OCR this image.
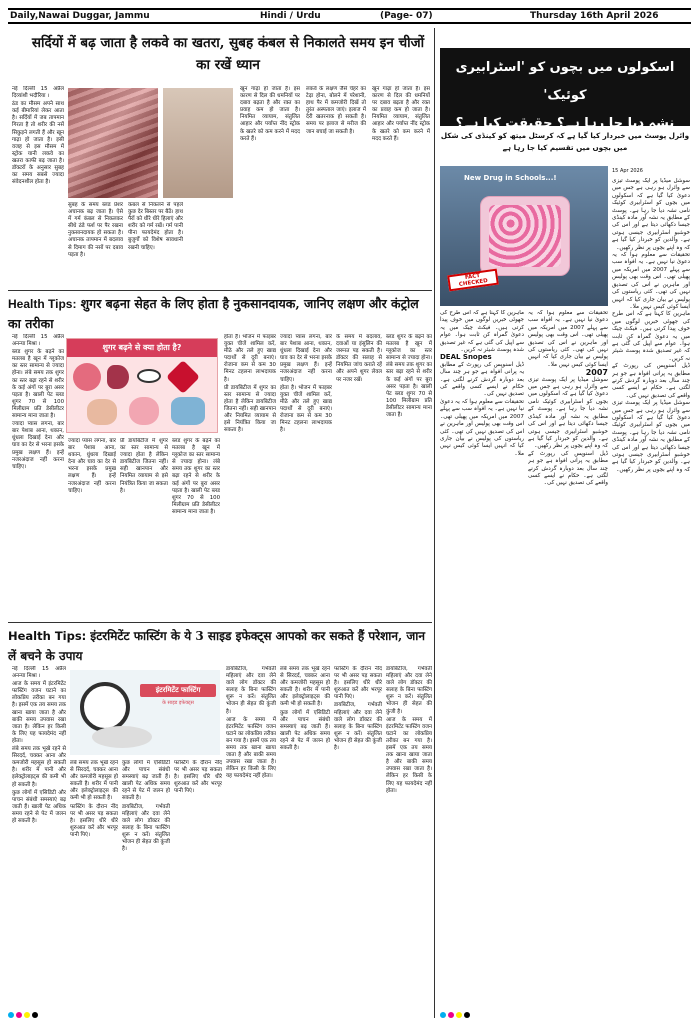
Daily,Nawai Duggar, Jammu	Hindi / Urdu	(Page- 07)	Thursday 16th April 2026
सर्दियों में बढ़ जाता है लकवे का खतरा, सुबह कंबल से निकालते समय इन चीजों का रखें ध्यान

नई दिल्ली 15 अप्रैल दिव्यांशी भदौरिया ।

ठंड का मौसम अपने साथ कई बीमारियां लेकर आता है। सर्दियों में जब तापमान गिरता है तो शरीर की नसें सिकुड़ने लगती हैं और खून गाढ़ा हो जाता है। इसी वजह से इस मौसम में स्ट्रोक यानी लकवे का खतरा काफी बढ़ जाता है। डॉक्टरों के अनुसार सुबह का समय सबसे ज्यादा संवेदनशील होता है।

सुबह के समय ब्लड प्रेशर अचानक बढ़ जाता है। ऐसे में गर्म कंबल से निकलकर सीधे ठंडे फर्श पर पैर रखना नुकसानदायक हो सकता है। अचानक तापमान में बदलाव से दिमाग की नसों पर दबाव पड़ता है।

कंबल से निकलने से पहले कुछ देर बिस्तर पर बैठें। हाथ पैरों को धीरे धीरे हिलाएं और शरीर को गर्म रखें। गर्म पानी पीना फायदेमंद होता है। बुजुर्गों को विशेष सावधानी रखनी चाहिए।

खून गाढ़ा हो जाता है। इस कारण से दिल की धमनियों पर दबाव बढ़ता है और रक्त का प्रवाह कम हो जाता है। नियमित व्यायाम, संतुलित आहार और पर्याप्त नींद स्ट्रोक के खतरे को कम करने में मदद करते हैं।

लकवे के लक्षण जैसे चेहरे का टेढ़ा होना, बोलने में परेशानी, हाथ पैर में कमजोरी दिखें तो तुरंत अस्पताल जाएं। इलाज में देरी खतरनाक हो सकती है। समय पर इलाज से मरीज की जान बचाई जा सकती है।

खून गाढ़ा हो जाता है। इस कारण से दिल की धमनियों पर दबाव बढ़ता है और रक्त का प्रवाह कम हो जाता है। नियमित व्यायाम, संतुलित आहार और पर्याप्त नींद स्ट्रोक के खतरे को कम करने में मदद करते हैं।

Health Tips: शुगर बढ़ना सेहत के लिए होता है नुकसानदायक, जानिए लक्षण और कंट्रोल का तरीका
शुगर बढ़ने से क्या होता है?

नई दिल्ली 15 अप्रैल अनन्या मिश्रा ।

ब्लड शुगर के बढ़ने का मतलब है खून में ग्लूकोज का स्तर सामान्य से ज्यादा होना। लंबे समय तक शुगर का स्तर बढ़ा रहने से शरीर के कई अंगों पर बुरा असर पड़ता है। खाली पेट ब्लड शुगर 70 से 100 मिलीग्राम प्रति डेसीलीटर सामान्य माना जाता है।

ज्यादा प्यास लगना, बार बार पेशाब आना, थकान, धुंधला दिखाई देना और घाव का देर से भरना इसके प्रमुख लक्षण हैं। इन्हें नजरअंदाज नहीं करना चाहिए।

ज्यादा प्यास लगना, बार बार पेशाब आना, थकान, धुंधला दिखाई देना और घाव का देर से भरना इसके प्रमुख लक्षण हैं। इन्हें नजरअंदाज नहीं करना चाहिए।

प्री डायबिटीज में शुगर का स्तर सामान्य से ज्यादा होता है लेकिन डायबिटीज जितना नहीं। सही खानपान और नियमित व्यायाम से इसे नियंत्रित किया जा सकता है।

ब्लड शुगर के बढ़ने का मतलब है खून में ग्लूकोज का स्तर सामान्य से ज्यादा होना। लंबे समय तक शुगर का स्तर बढ़ा रहने से शरीर के कई अंगों पर बुरा असर पड़ता है। खाली पेट ब्लड शुगर 70 से 100 मिलीग्राम प्रति डेसीलीटर सामान्य माना जाता है।

होता है। भोजन में फाइबर युक्त चीजें शामिल करें, मीठे और तले हुए खाद्य पदार्थों से दूरी बनाएं। रोजाना कम से कम 30 मिनट टहलना लाभदायक है।

प्री डायबिटीज में शुगर का स्तर सामान्य से ज्यादा होता है लेकिन डायबिटीज जितना नहीं। सही खानपान और नियमित व्यायाम से इसे नियंत्रित किया जा सकता है।

ज्यादा प्यास लगना, बार बार पेशाब आना, थकान, धुंधला दिखाई देना और घाव का देर से भरना इसके प्रमुख लक्षण हैं। इन्हें नजरअंदाज नहीं करना चाहिए।

होता है। भोजन में फाइबर युक्त चीजें शामिल करें, मीठे और तले हुए खाद्य पदार्थों से दूरी बनाएं। रोजाना कम से कम 30 मिनट टहलना लाभदायक है।

के समय में बदलाव, दवाओं या इंसुलिन की जरूरत पड़ सकती है। डॉक्टर की सलाह से नियमित जांच कराते रहें और अपने शुगर लेवल पर नजर रखें।

ब्लड शुगर के बढ़ने का मतलब है खून में ग्लूकोज का स्तर सामान्य से ज्यादा होना। लंबे समय तक शुगर का स्तर बढ़ा रहने से शरीर के कई अंगों पर बुरा असर पड़ता है। खाली पेट ब्लड शुगर 70 से 100 मिलीग्राम प्रति डेसीलीटर सामान्य माना जाता है।

Health Tips: इंटरमिटेंट फास्टिंग के ये 3 साइड इफेक्ट्स आपको कर सकते हैं परेशान, जान लें बचने के उपाय
इंटरमिटेंट फास्टिंग
के साइड इफेक्ट्स

नई दिल्ली 15 अप्रैल अनन्या मिश्रा ।

आज के समय में इंटरमिटेंट फास्टिंग वजन घटाने का लोकप्रिय तरीका बन गया है। इसमें एक तय समय तक खाना खाया जाता है और बाकी समय उपवास रखा जाता है। लेकिन हर किसी के लिए यह फायदेमंद नहीं होता।

लंबे समय तक भूखे रहने से सिरदर्द, चक्कर आना और कमजोरी महसूस हो सकती है। शरीर में पानी और इलेक्ट्रोलाइट्स की कमी भी हो सकती है।

कुछ लोगों में एसिडिटी और पाचन संबंधी समस्याएं बढ़ जाती हैं। खाली पेट अधिक समय रहने से पेट में जलन हो सकती है।

लंबे समय तक भूखे रहने से सिरदर्द, चक्कर आना और कमजोरी महसूस हो सकती है। शरीर में पानी और इलेक्ट्रोलाइट्स की कमी भी हो सकती है।

फास्टिंग के दौरान नींद पर भी असर पड़ सकता है। इसलिए धीरे धीरे शुरुआत करें और भरपूर पानी पिएं।

कुछ लोगों में एसिडिटी और पाचन संबंधी समस्याएं बढ़ जाती हैं। खाली पेट अधिक समय रहने से पेट में जलन हो सकती है।

डायबिटीज, गर्भवती महिलाएं और दवा लेने वाले लोग डॉक्टर की सलाह के बिना फास्टिंग शुरू न करें। संतुलित भोजन ही सेहत की कुंजी है।

फास्टिंग के दौरान नींद पर भी असर पड़ सकता है। इसलिए धीरे धीरे शुरुआत करें और भरपूर पानी पिएं।

डायबिटीज, गर्भवती महिलाएं और दवा लेने वाले लोग डॉक्टर की सलाह के बिना फास्टिंग शुरू न करें। संतुलित भोजन ही सेहत की कुंजी है।

आज के समय में इंटरमिटेंट फास्टिंग वजन घटाने का लोकप्रिय तरीका बन गया है। इसमें एक तय समय तक खाना खाया जाता है और बाकी समय उपवास रखा जाता है। लेकिन हर किसी के लिए यह फायदेमंद नहीं होता।

लंबे समय तक भूखे रहने से सिरदर्द, चक्कर आना और कमजोरी महसूस हो सकती है। शरीर में पानी और इलेक्ट्रोलाइट्स की कमी भी हो सकती है।

कुछ लोगों में एसिडिटी और पाचन संबंधी समस्याएं बढ़ जाती हैं। खाली पेट अधिक समय रहने से पेट में जलन हो सकती है।

फास्टिंग के दौरान नींद पर भी असर पड़ सकता है। इसलिए धीरे धीरे शुरुआत करें और भरपूर पानी पिएं।

डायबिटीज, गर्भवती महिलाएं और दवा लेने वाले लोग डॉक्टर की सलाह के बिना फास्टिंग शुरू न करें। संतुलित भोजन ही सेहत की कुंजी है।

डायबिटीज, गर्भवती महिलाएं और दवा लेने वाले लोग डॉक्टर की सलाह के बिना फास्टिंग शुरू न करें। संतुलित भोजन ही सेहत की कुंजी है।

आज के समय में इंटरमिटेंट फास्टिंग वजन घटाने का लोकप्रिय तरीका बन गया है। इसमें एक तय समय तक खाना खाया जाता है और बाकी समय उपवास रखा जाता है। लेकिन हर किसी के लिए यह फायदेमंद नहीं होता।

اسکولوں میں بچوں کو 'اسٹرابیری کوئیک'
نشہ دیا جا رہا ہے؟ حقیقت کیا ہے؟
وائرل پوسٹ میں خبردار کیا گیا ہے کہ کرسٹل میتھ کو کینڈی کی شکل میں بچوں میں تقسیم کیا جا رہا ہے
New Drug in Schools...!
FACT CHECKED
15 Apr 2026

سوشل میڈیا پر ایک پوسٹ تیزی سے وائرل ہو رہی ہے جس میں دعویٰ کیا گیا ہے کہ اسکولوں میں بچوں کو اسٹرابیری کوئیک نامی نشہ دیا جا رہا ہے۔ پوسٹ کے مطابق یہ نشہ آور مادہ کینڈی جیسا دکھائی دیتا ہے اور اس کی خوشبو اسٹرابیری جیسی ہوتی ہے۔ والدین کو خبردار کیا گیا ہے کہ وہ اپنے بچوں پر نظر رکھیں۔

تحقیقات سے معلوم ہوا کہ یہ دعویٰ نیا نہیں ہے۔ یہ افواہ سب سے پہلے 2007 میں امریکہ میں پھیلی تھی۔ اس وقت بھی پولیس اور ماہرین نے اس کی تصدیق نہیں کی تھی۔ کئی ریاستوں کی پولیس نے بیان جاری کیا کہ انہیں ایسا کوئی کیس نہیں ملا۔

ماہرین کا کہنا ہے کہ اس طرح کی جھوٹی خبریں لوگوں میں خوف پیدا کرتی ہیں۔ فیکٹ چیک میں یہ دعویٰ گمراہ کن ثابت ہوا۔ عوام سے اپیل کی گئی ہے کہ غیر تصدیق شدہ پوسٹ شیئر نہ کریں۔

ڈیل اسنوپس کی رپورٹ کے مطابق یہ پرانی افواہ ہے جو ہر چند سال بعد دوبارہ گردش کرنے لگتی ہے۔ حکام نے ایسے کسی واقعے کی تصدیق نہیں کی۔

سوشل میڈیا پر ایک پوسٹ تیزی سے وائرل ہو رہی ہے جس میں دعویٰ کیا گیا ہے کہ اسکولوں میں بچوں کو اسٹرابیری کوئیک نامی نشہ دیا جا رہا ہے۔ پوسٹ کے مطابق یہ نشہ آور مادہ کینڈی جیسا دکھائی دیتا ہے اور اس کی خوشبو اسٹرابیری جیسی ہوتی ہے۔ والدین کو خبردار کیا گیا ہے کہ وہ اپنے بچوں پر نظر رکھیں۔

تحقیقات سے معلوم ہوا کہ یہ دعویٰ نیا نہیں ہے۔ یہ افواہ سب سے پہلے 2007 میں امریکہ میں پھیلی تھی۔ اس وقت بھی پولیس اور ماہرین نے اس کی تصدیق نہیں کی تھی۔ کئی ریاستوں کی پولیس نے بیان جاری کیا کہ انہیں ایسا کوئی کیس نہیں ملا۔

2007

سوشل میڈیا پر ایک پوسٹ تیزی سے وائرل ہو رہی ہے جس میں دعویٰ کیا گیا ہے کہ اسکولوں میں بچوں کو اسٹرابیری کوئیک نامی نشہ دیا جا رہا ہے۔ پوسٹ کے مطابق یہ نشہ آور مادہ کینڈی جیسا دکھائی دیتا ہے اور اس کی خوشبو اسٹرابیری جیسی ہوتی ہے۔ والدین کو خبردار کیا گیا ہے کہ وہ اپنے بچوں پر نظر رکھیں۔

ڈیل اسنوپس کی رپورٹ کے مطابق یہ پرانی افواہ ہے جو ہر چند سال بعد دوبارہ گردش کرنے لگتی ہے۔ حکام نے ایسے کسی واقعے کی تصدیق نہیں کی۔

ماہرین کا کہنا ہے کہ اس طرح کی جھوٹی خبریں لوگوں میں خوف پیدا کرتی ہیں۔ فیکٹ چیک میں یہ دعویٰ گمراہ کن ثابت ہوا۔ عوام سے اپیل کی گئی ہے کہ غیر تصدیق شدہ پوسٹ شیئر نہ کریں۔

DEAL Snopes

ڈیل اسنوپس کی رپورٹ کے مطابق یہ پرانی افواہ ہے جو ہر چند سال بعد دوبارہ گردش کرنے لگتی ہے۔ حکام نے ایسے کسی واقعے کی تصدیق نہیں کی۔

تحقیقات سے معلوم ہوا کہ یہ دعویٰ نیا نہیں ہے۔ یہ افواہ سب سے پہلے 2007 میں امریکہ میں پھیلی تھی۔ اس وقت بھی پولیس اور ماہرین نے اس کی تصدیق نہیں کی تھی۔ کئی ریاستوں کی پولیس نے بیان جاری کیا کہ انہیں ایسا کوئی کیس نہیں ملا۔
